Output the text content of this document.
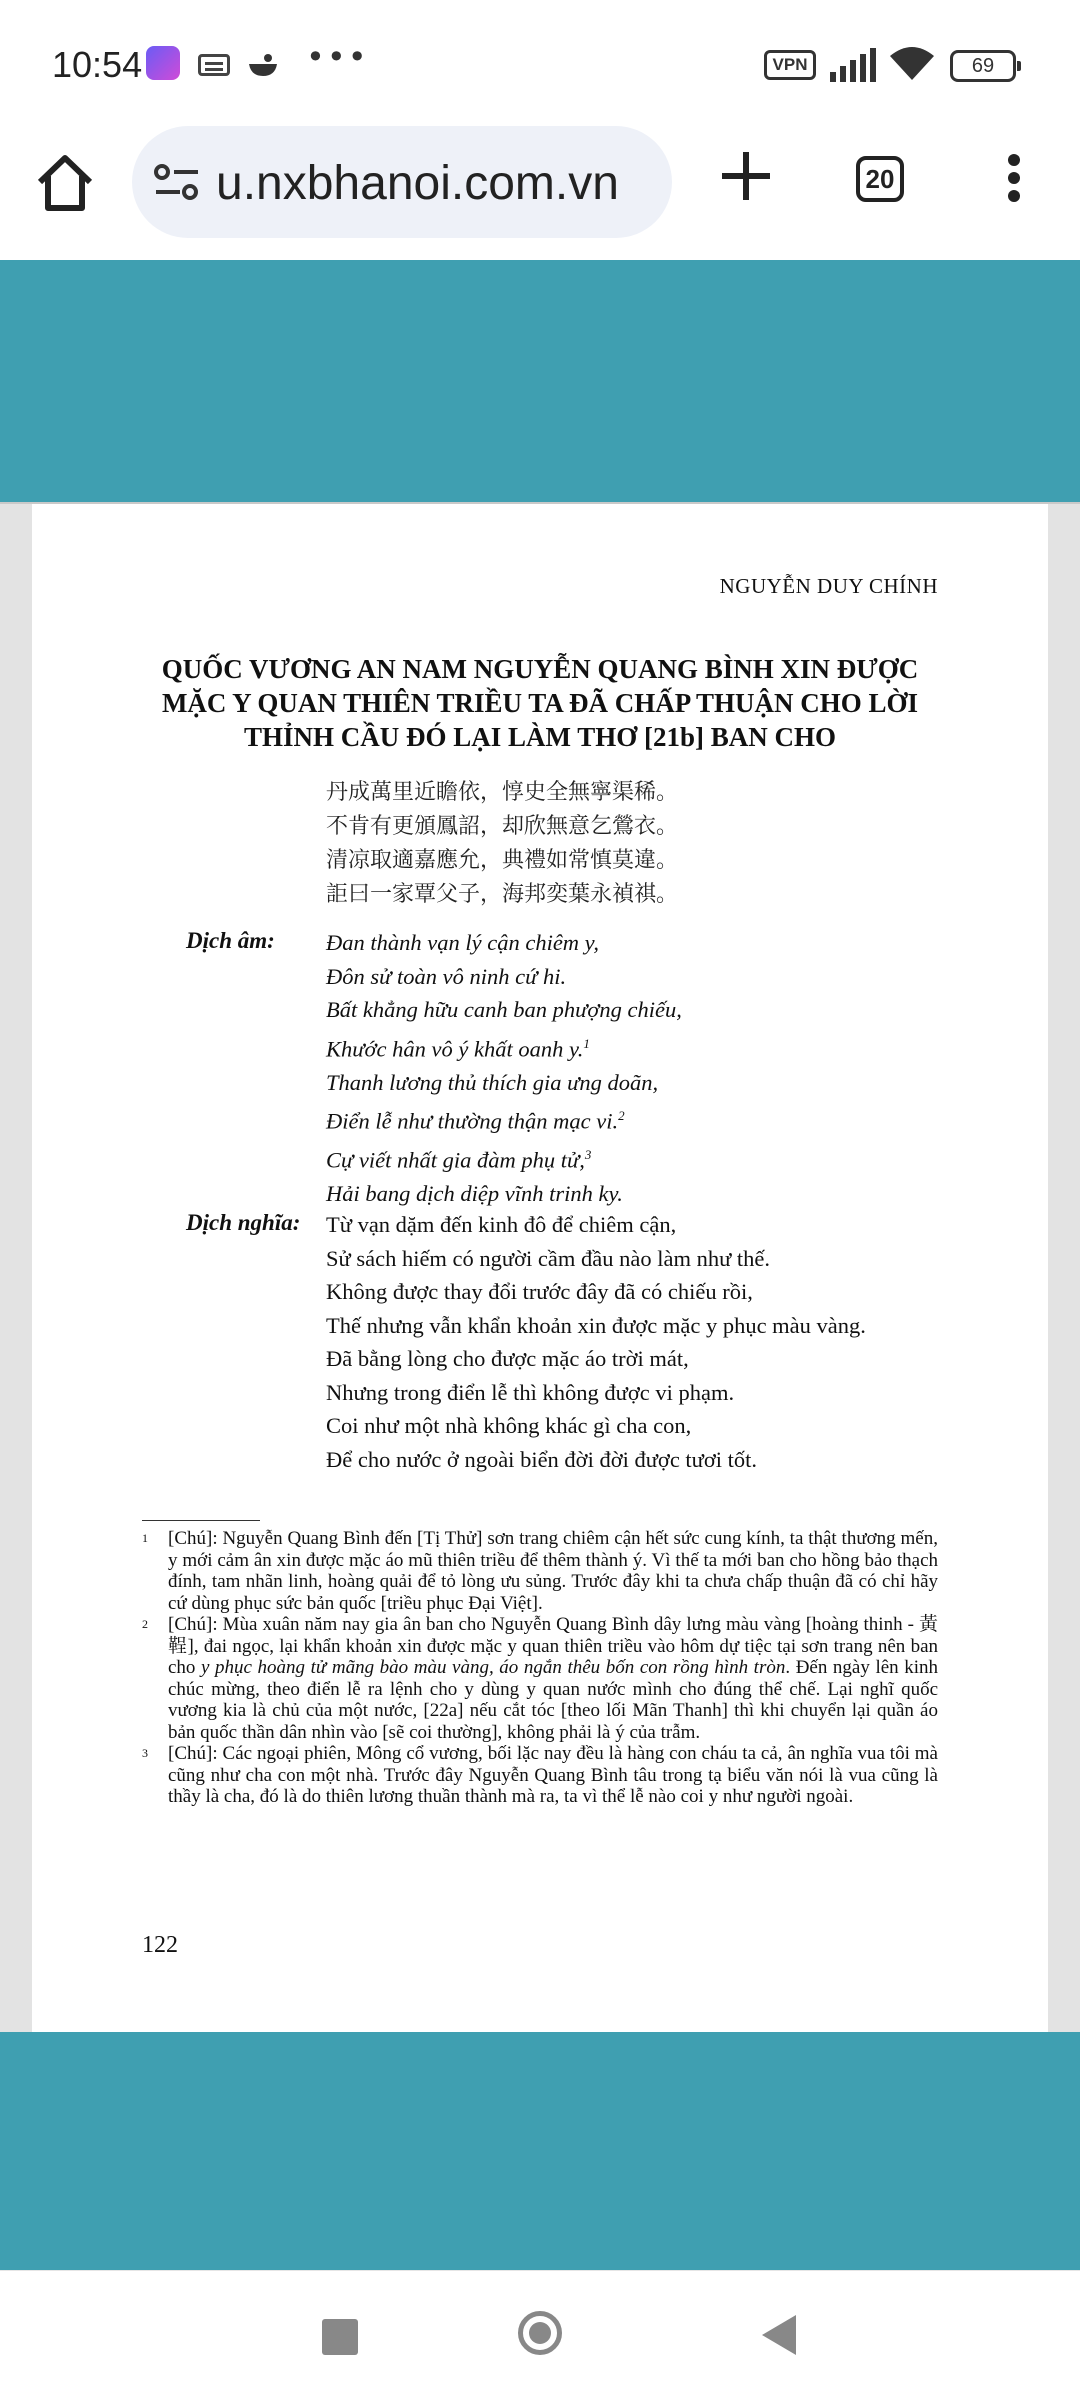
10:54	•••	VPN	69
u.nxbhanoi.com.vn	20
NGUYỄN DUY CHÍNH
QUỐC VƯƠNG AN NAM NGUYỄN QUANG BÌNH XIN ĐƯỢC
MẶC Y QUAN THIÊN TRIỀU TA ĐÃ CHẤP THUẬN CHO LỜI
THỈNH CẦU ĐÓ LẠI LÀM THƠ [21b] BAN CHO
丹成萬里近瞻依，惇史全無寧渠稀。
不肯有更頒鳳詔，却欣無意乞鶯衣。
清凉取適嘉應允，典禮如常慎莫違。
詎曰一家覃父子，海邦奕葉永禎祺。
Dịch âm: Đan thành vạn lý cận chiêm y,
Đôn sử toàn vô ninh cứ hi.
Bất khẳng hữu canh ban phượng chiếu,
Khước hân vô ý khất oanh y.$^1$
Thanh lương thủ thích gia ưng doãn,
Điển lễ như thường thận mạc vi.$^2$
Cự viết nhất gia đàm phụ tử,$^3$
Hải bang dịch diệp vĩnh trinh ky.
Dịch nghĩa: Từ vạn dặm đến kinh đô để chiêm cận,
Sử sách hiếm có người cầm đầu nào làm như thế.
Không được thay đổi trước đây đã có chiếu rồi,
Thế nhưng vẫn khẩn khoản xin được mặc y phục màu vàng.
Đã bằng lòng cho được mặc áo trời mát,
Nhưng trong điển lễ thì không được vi phạm.
Coi như một nhà không khác gì cha con,
Để cho nước ở ngoài biển đời đời được tươi tốt.
1 [Chú]: Nguyễn Quang Bình đến [Tị Thử] sơn trang chiêm cận hết sức cung kính, ta thật thương mến, y mới cảm ân xin được mặc áo mũ thiên triều để thêm thành ý. Vì thế ta mới ban cho hồng bảo thạch đính, tam nhãn linh, hoàng quải để tỏ lòng ưu sủng. Trước đây khi ta chưa chấp thuận đã có chỉ hãy cứ dùng phục sức bản quốc [triều phục Đại Việt].
2 [Chú]: Mùa xuân năm nay gia ân ban cho Nguyễn Quang Bình dây lưng màu vàng [hoàng thinh - 黃鞓], đai ngọc, lại khẩn khoản xin được mặc y quan thiên triều vào hôm dự tiệc tại sơn trang nên ban cho y phục hoàng tử mãng bào màu vàng, áo ngắn thêu bốn con rồng hình tròn. Đến ngày lên kinh chúc mừng, theo điển lễ ra lệnh cho y dùng y quan nước mình cho đúng thể chế. Lại nghĩ quốc vương kia là chủ của một nước, [22a] nếu cắt tóc [theo lối Mãn Thanh] thì khi chuyển lại quần áo bản quốc thần dân nhìn vào [sẽ coi thường], không phải là ý của trẫm.
3 [Chú]: Các ngoại phiên, Mông cổ vương, bối lặc nay đều là hàng con cháu ta cả, ân nghĩa vua tôi mà cũng như cha con một nhà. Trước đây Nguyễn Quang Bình tâu trong tạ biểu văn nói là vua cũng là thầy là cha, đó là do thiên lương thuần thành mà ra, ta vì thể lễ nào coi y như người ngoài.
122
